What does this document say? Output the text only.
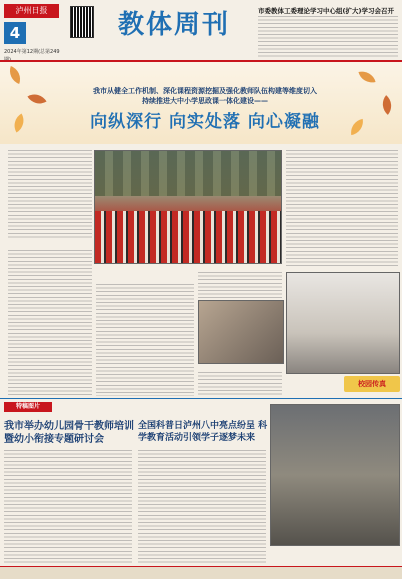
泸州日报
4
2024年第12期(总第249
教体周刊	市委教体工委理论学习中心组(扩大)学习会召开
我市从健全工作机制、深化课程资源挖掘及强化教师队伍构建等维度切入
持续推进大中小学思政课一体化建设——
向纵深行 向实处落 向心凝融
校园传真
特稿图片
我市举办幼儿园骨干教师培训暨幼小衔接专题研讨会
全国科普日泸州八中亮点纷呈 科学教育活动引领学子逐梦未来
